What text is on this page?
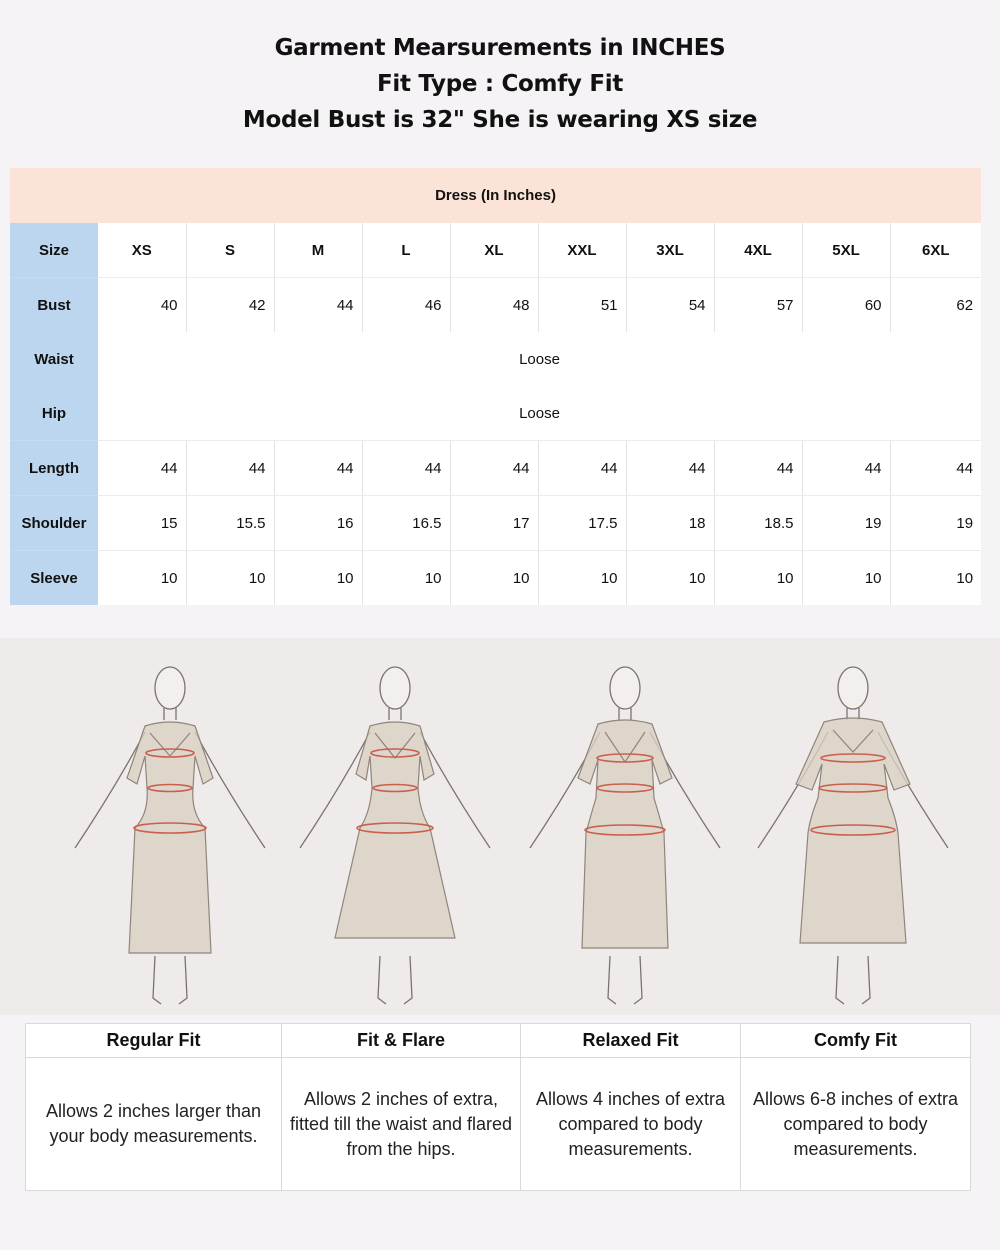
Garment Mearsurements in INCHES
Fit Type : Comfy Fit
Model Bust is 32" She is wearing XS size
Dress (In Inches)										
Size	XS	S	M	L	XL	XXL	3XL	4XL	5XL	6XL
Bust	40	42	44	46	48	51	54	57	60	62
Waist	Loose									
Hip	Loose									
Length	44	44	44	44	44	44	44	44	44	44
Shoulder	15	15.5	16	16.5	17	17.5	18	18.5	19	19
Sleeve	10	10	10	10	10	10	10	10	10	10
Regular Fit	Fit & Flare	Relaxed Fit	Comfy Fit
Allows 2 inches larger than your body measurements.	Allows 2 inches of extra, fitted till the waist and flared from the hips.	Allows 4 inches of extra compared to body measurements.	Allows 6-8 inches of extra compared to body measurements.
